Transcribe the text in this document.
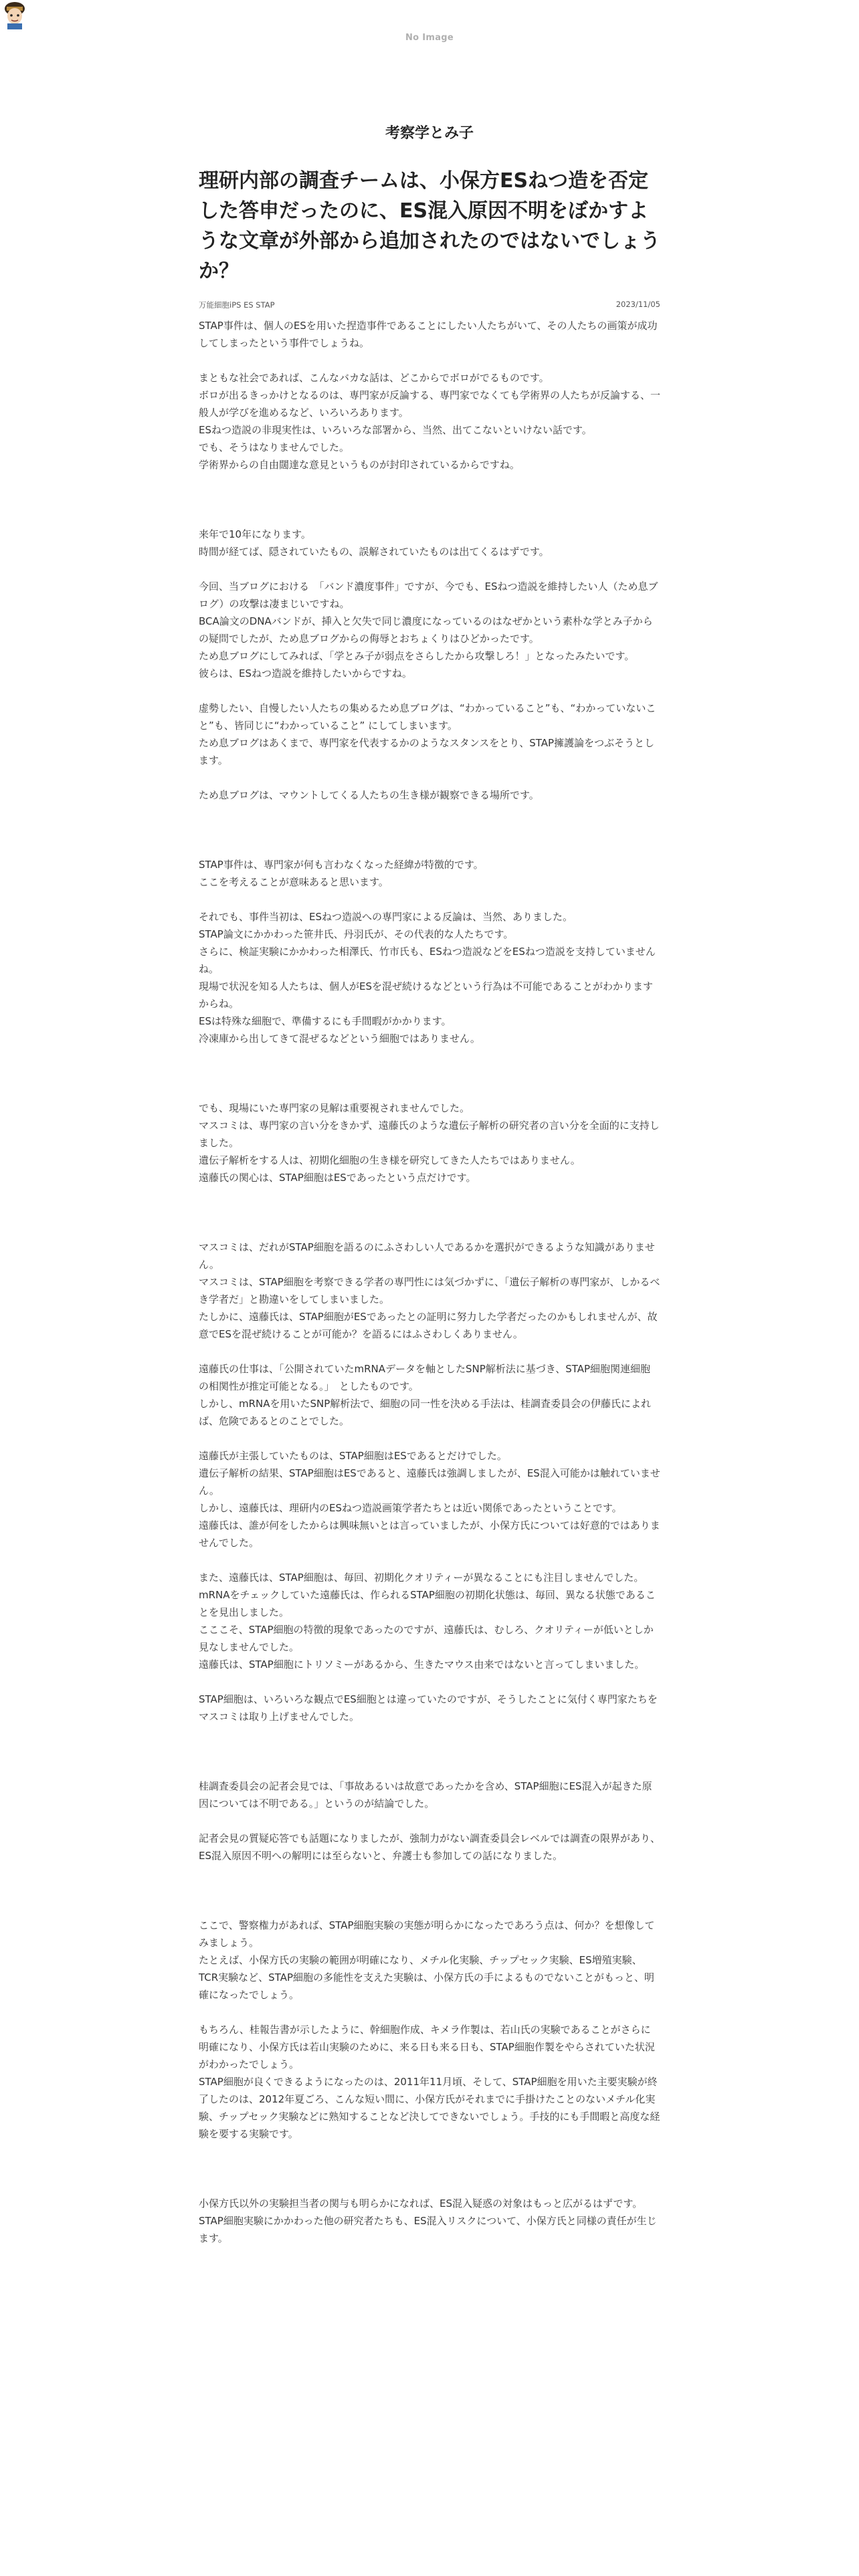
No Image
考察学とみ子
理研内部の調査チームは、小保方ESねつ造を否定した答申だったのに、ES混入原因不明をぼかすような文章が外部から追加されたのではないでしょうか？
万能細胞iPS ES STAP	2023/11/05
STAP事件は、個人のESを用いた捏造事件であることにしたい人たちがいて、その人たちの画策が成功してしまったという事件でしょうね。
まともな社会であれば、こんなバカな話は、どこからでボロがでるものです。
ボロが出るきっかけとなるのは、専門家が反論する、専門家でなくても学術界の人たちが反論する、一般人が学びを進めるなど、いろいろあります。
ESねつ造説の非現実性は、いろいろな部署から、当然、出てこないといけない話です。
でも、そうはなりませんでした。
学術界からの自由闊達な意見というものが封印されているからですね。
来年で10年になります。
時間が経てば、隠されていたもの、誤解されていたものは出てくるはずです。
今回、当ブログにおける　「バンド濃度事件」ですが、今でも、ESねつ造説を維持したい人（ため息ブログ）の攻撃は凄まじいですね。
BCA論文のDNAバンドが、挿入と欠失で同じ濃度になっているのはなぜかという素朴な学とみ子からの疑問でしたが、ため息ブログからの侮辱とおちょくりはひどかったです。
ため息ブログにしてみれば、「学とみ子が弱点をさらしたから攻撃しろ！」となったみたいです。
彼らは、ESねつ造説を維持したいからですね。
虚勢したい、自慢したい人たちの集めるため息ブログは、“わかっていること”も、“わかっていないこと”も、皆同じに“わかっていること” にしてしまいます。
ため息ブログはあくまで、専門家を代表するかのようなスタンスをとり、STAP擁護論をつぶそうとします。
ため息ブログは、マウントしてくる人たちの生き様が観察できる場所です。
STAP事件は、専門家が何も言わなくなった経緯が特徴的です。
ここを考えることが意味あると思います。
それでも、事件当初は、ESねつ造説への専門家による反論は、当然、ありました。
STAP論文にかかわった笹井氏、丹羽氏が、その代表的な人たちです。
さらに、検証実験にかかわった相澤氏、竹市氏も、ESねつ造説などをESねつ造説を支持していませんね。
現場で状況を知る人たちは、個人がESを混ぜ続けるなどという行為は不可能であることがわかりますからね。
ESは特殊な細胞で、準備するにも手間暇がかかります。
冷凍庫から出してきて混ぜるなどという細胞ではありません。
でも、現場にいた専門家の見解は重要視されませんでした。
マスコミは、専門家の言い分をきかず、遠藤氏のような遺伝子解析の研究者の言い分を全面的に支持しました。
遺伝子解析をする人は、初期化細胞の生き様を研究してきた人たちではありません。
遠藤氏の関心は、STAP細胞はESであったという点だけです。
マスコミは、だれがSTAP細胞を語るのにふさわしい人であるかを選択ができるような知識がありません。
マスコミは、STAP細胞を考察できる学者の専門性には気づかずに、「遺伝子解析の専門家が、しかるべき学者だ」と勘違いをしてしまいました。
たしかに、遠藤氏は、STAP細胞がESであったとの証明に努力した学者だったのかもしれませんが、故意でESを混ぜ続けることが可能か？を語るにはふさわしくありません。
遠藤氏の仕事は、「公開されていたmRNAデータを軸としたSNP解析法に基づき、STAP細胞関連細胞の相関性が推定可能となる。」　としたものです。
しかし、mRNAを用いたSNP解析法で、細胞の同一性を決める手法は、桂調査委員会の伊藤氏によれば、危険であるとのことでした。
遠藤氏が主張していたものは、STAP細胞はESであるとだけでした。
遺伝子解析の結果、STAP細胞はESであると、遠藤氏は強調しましたが、ES混入可能かは触れていません。
しかし、遠藤氏は、理研内のESねつ造説画策学者たちとは近い関係であったということです。
遠藤氏は、誰が何をしたからは興味無いとは言っていましたが、小保方氏については好意的ではありませんでした。
また、遠藤氏は、STAP細胞は、毎回、初期化クオリティーが異なることにも注目しませんでした。
mRNAをチェックしていた遠藤氏は、作られるSTAP細胞の初期化状態は、毎回、異なる状態であることを見出しました。
こここそ、STAP細胞の特徴的現象であったのですが、遠藤氏は、むしろ、クオリティーが低いとしか見なしませんでした。
遠藤氏は、STAP細胞にトリソミーがあるから、生きたマウス由来ではないと言ってしまいました。
STAP細胞は、いろいろな観点でES細胞とは違っていたのですが、そうしたことに気付く専門家たちをマスコミは取り上げませんでした。
桂調査委員会の記者会見では、「事故あるいは故意であったかを含め、STAP細胞にES混入が起きた原因については不明である。」というのが結論でした。
記者会見の質疑応答でも話題になりましたが、強制力がない調査委員会レベルでは調査の限界があり、ES混入原因不明への解明には至らないと、弁護士も参加しての話になりました。
ここで、警察権力があれば、STAP細胞実験の実態が明らかになったであろう点は、何か？を想像してみましょう。
たとえば、小保方氏の実験の範囲が明確になり、メチル化実験、チップセック実験、ES増殖実験、TCR実験など、STAP細胞の多能性を支えた実験は、小保方氏の手によるものでないことがもっと、明確になったでしょう。
もちろん、桂報告書が示したように、幹細胞作成、キメラ作製は、若山氏の実験であることがさらに明確になり、小保方氏は若山実験のために、来る日も来る日も、STAP細胞作製をやらされていた状況がわかったでしょう。
STAP細胞が良くできるようになったのは、2011年11月頃、そして、STAP細胞を用いた主要実験が終了したのは、2012年夏ごろ、こんな短い間に、小保方氏がそれまでに手掛けたことのないメチル化実験、チップセック実験などに熟知することなど決してできないでしょう。手技的にも手間暇と高度な経験を要する実験です。
小保方氏以外の実験担当者の関与も明らかになれば、ES混入疑惑の対象はもっと広がるはずです。
STAP細胞実験にかかわった他の研究者たちも、ES混入リスクについて、小保方氏と同様の責任が生じます。
